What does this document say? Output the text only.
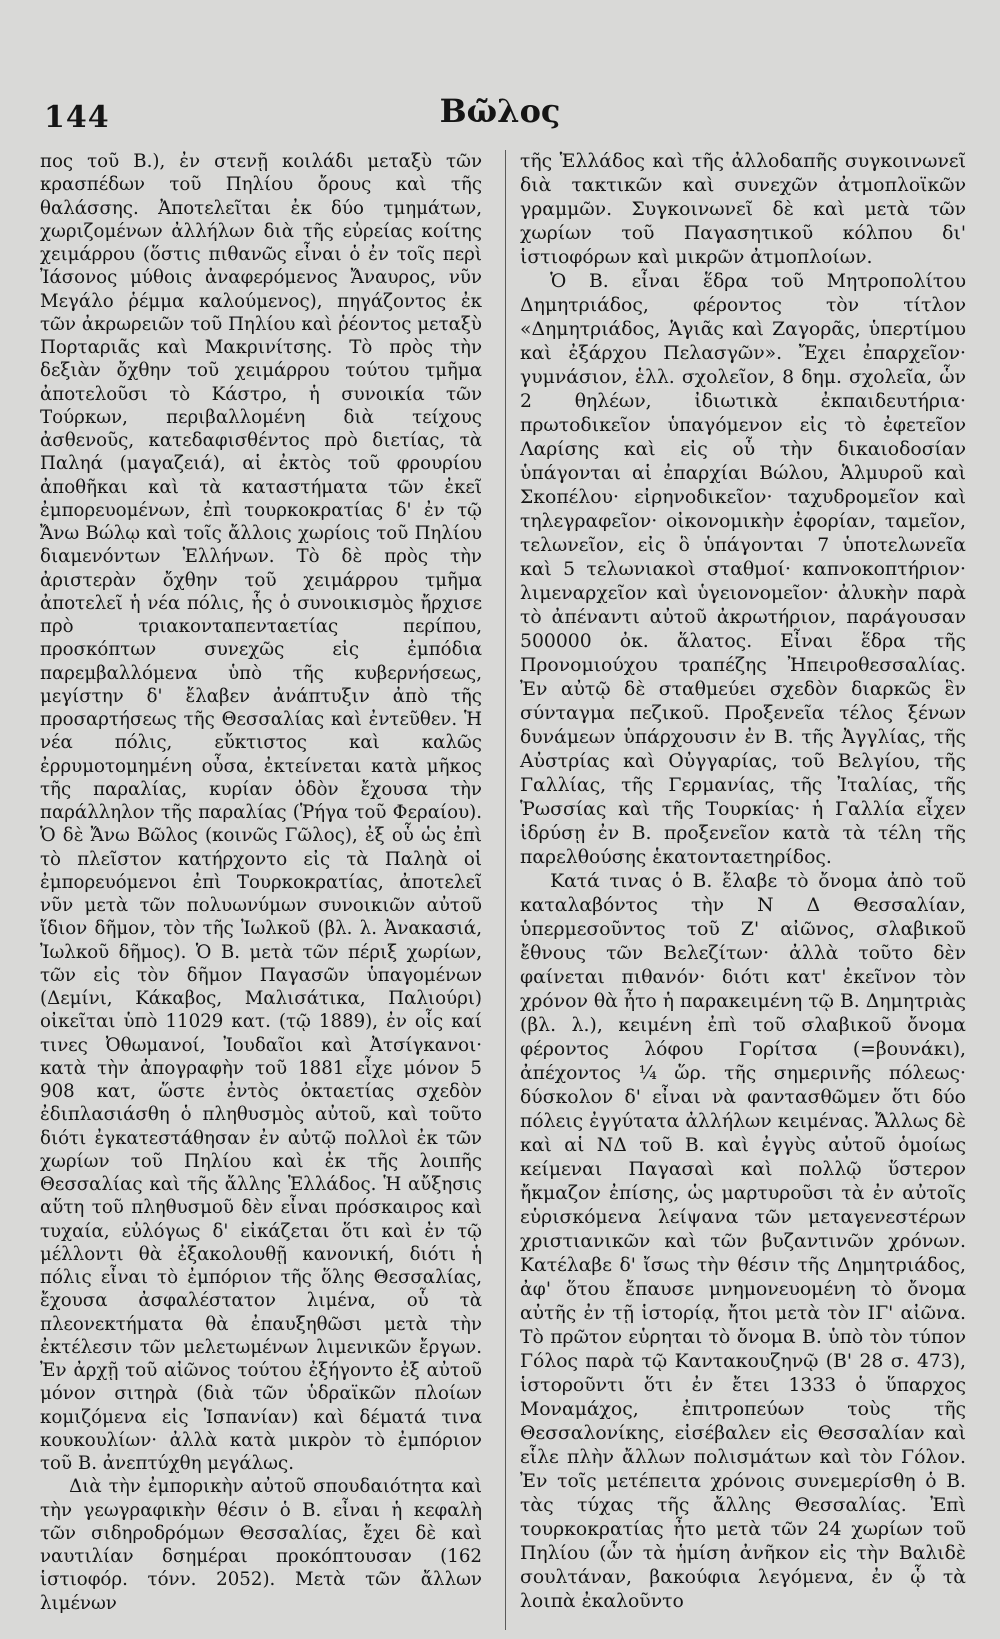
144	Βῶλος

πος τοῦ Β.), ἐν στενῇ κοιλάδι μεταξὺ τῶν κρασπέδων τοῦ Πηλίου ὄρους καὶ τῆς θαλάσσης. Ἀποτελεῖται ἐκ δύο τμημάτων, χωριζομένων ἀλλήλων διὰ τῆς εὐρείας κοίτης χειμάρρου (ὅστις πιθανῶς εἶναι ὁ ἐν τοῖς περὶ Ἰάσονος μύθοις ἀναφερόμενος Ἄναυρος, νῦν Μεγάλο ῥέμμα καλούμενος), πηγάζοντος ἐκ τῶν ἀκρωρειῶν τοῦ Πηλίου καὶ ῥέοντος μεταξὺ Πορταριᾶς καὶ Μακρινίτσης. Τὸ πρὸς τὴν δεξιὰν ὄχθην τοῦ χειμάρρου τούτου τμῆμα ἀποτελοῦσι τὸ Κάστρο, ἡ συνοικία τῶν Τούρκων, περιβαλλομένη διὰ τείχους ἀσθενοῦς, κατεδαφισθέντος πρὸ διετίας, τὰ Παληά (μαγαζειά), αἱ ἐκτὸς τοῦ φρουρίου ἀποθῆκαι καὶ τὰ καταστήματα τῶν ἐκεῖ ἐμπορευομένων, ἐπὶ τουρκοκρατίας δ' ἐν τῷ Ἄνω Βώλῳ καὶ τοῖς ἄλλοις χωρίοις τοῦ Πηλίου διαμενόντων Ἑλλήνων. Τὸ δὲ πρὸς τὴν ἀριστερὰν ὄχθην τοῦ χειμάρρου τμῆμα ἀποτελεῖ ἡ νέα πόλις, ἧς ὁ συνοικισμὸς ἤρχισε πρὸ τριακονταπενταετίας περίπου, προσκόπτων συνεχῶς εἰς ἐμπόδια παρεμβαλλόμενα ὑπὸ τῆς κυβερνήσεως, μεγίστην δ' ἔλαβεν ἀνάπτυξιν ἀπὸ τῆς προσαρτήσεως τῆς Θεσσαλίας καὶ ἐντεῦθεν. Ἡ νέα πόλις, εὔκτιστος καὶ καλῶς ἐρρυμοτομημένη οὖσα, ἐκτείνεται κατὰ μῆκος τῆς παραλίας, κυρίαν ὁδὸν ἔχουσα τὴν παράλληλον τῆς παραλίας (Ῥήγα τοῦ Φεραίου). Ὁ δὲ Ἄνω Βῶλος (κοινῶς Γῶλος), ἐξ οὗ ὡς ἐπὶ τὸ πλεῖστον κατήρχοντο εἰς τὰ Παληὰ οἱ ἐμπορευόμενοι ἐπὶ Τουρκοκρατίας, ἀποτελεῖ νῦν μετὰ τῶν πολυωνύμων συνοικιῶν αὐτοῦ ἴδιον δῆμον, τὸν τῆς Ἰωλκοῦ (βλ. λ. Ἀνακασιά, Ἰωλκοῦ δῆμος). Ὁ Β. μετὰ τῶν πέριξ χωρίων, τῶν εἰς τὸν δῆμον Παγασῶν ὑπαγομένων (Δεμίνι, Κάκαβος, Μαλισάτικα, Παλιούρι) οἰκεῖται ὑπὸ 11029 κατ. (τῷ 1889), ἐν οἷς καί τινες Ὀθωμανοί, Ἰουδαῖοι καὶ Ἀτσίγκανοι· κατὰ τὴν ἀπογραφὴν τοῦ 1881 εἶχε μόνον 5 908 κατ, ὥστε ἐντὸς ὀκταετίας σχεδὸν ἐδιπλασιάσθη ὁ πληθυσμὸς αὐτοῦ, καὶ τοῦτο διότι ἐγκατεστάθησαν ἐν αὐτῷ πολλοὶ ἐκ τῶν χωρίων τοῦ Πηλίου καὶ ἐκ τῆς λοιπῆς Θεσσαλίας καὶ τῆς ἄλλης Ἑλλάδος. Ἡ αὔξησις αὕτη τοῦ πληθυσμοῦ δὲν εἶναι πρόσκαιρος καὶ τυχαία, εὐλόγως δ' εἰκάζεται ὅτι καὶ ἐν τῷ μέλλοντι θὰ ἐξακολουθῇ κανονική, διότι ἡ πόλις εἶναι τὸ ἐμπόριον τῆς ὅλης Θεσσαλίας, ἔχουσα ἀσφαλέστατον λιμένα, οὗ τὰ πλεονεκτήματα θὰ ἐπαυξηθῶσι μετὰ τὴν ἐκτέλεσιν τῶν μελετωμένων λιμενικῶν ἔργων. Ἐν ἀρχῇ τοῦ αἰῶνος τούτου ἐξήγοντο ἐξ αὐτοῦ μόνον σιτηρὰ (διὰ τῶν ὑδραϊκῶν πλοίων κομιζόμενα εἰς Ἱσπανίαν) καὶ δέματά τινα κουκουλίων· ἀλλὰ κατὰ μικρὸν τὸ ἐμπόριον τοῦ Β. ἀνεπτύχθη μεγάλως.

Διὰ τὴν ἐμπορικὴν αὐτοῦ σπουδαιότητα καὶ τὴν γεωγραφικὴν θέσιν ὁ Β. εἶναι ἡ κεφαλὴ τῶν σιδηροδρόμων Θεσσαλίας, ἔχει δὲ καὶ ναυτιλίαν δσημέραι προκόπτουσαν (162 ἱστιοφόρ. τόνν. 2052). Μετὰ τῶν ἄλλων λιμένων

τῆς Ἑλλάδος καὶ τῆς ἀλλοδαπῆς συγκοινωνεῖ διὰ τακτικῶν καὶ συνεχῶν ἀτμοπλοϊκῶν γραμμῶν. Συγκοινωνεῖ δὲ καὶ μετὰ τῶν χωρίων τοῦ Παγασητικοῦ κόλπου δι' ἱστιοφόρων καὶ μικρῶν ἀτμοπλοίων.

Ὁ Β. εἶναι ἕδρα τοῦ Μητροπολίτου Δημητριάδος, φέροντος τὸν τίτλον «Δημητριάδος, Ἁγιᾶς καὶ Ζαγορᾶς, ὑπερτίμου καὶ ἐξάρχου Πελασγῶν». Ἔχει ἐπαρχεῖον· γυμνάσιον, ἑλλ. σχολεῖον, 8 δημ. σχολεῖα, ὧν 2 θηλέων, ἰδιωτικὰ ἐκπαιδευτήρια· πρωτοδικεῖον ὑπαγόμενον εἰς τὸ ἐφετεῖον Λαρίσης καὶ εἰς οὗ τὴν δικαιοδοσίαν ὑπάγονται αἱ ἐπαρχίαι Βώλου, Ἁλμυροῦ καὶ Σκοπέλου· εἰρηνοδικεῖον· ταχυδρομεῖον καὶ τηλεγραφεῖον· οἰκονομικὴν ἐφορίαν, ταμεῖον, τελωνεῖον, εἰς ὃ ὑπάγονται 7 ὑποτελωνεῖα καὶ 5 τελωνιακοὶ σταθμοί· καπνοκοπτήριον· λιμεναρχεῖον καὶ ὑγειονομεῖον· ἀλυκὴν παρὰ τὸ ἀπέναντι αὐτοῦ ἀκρωτήριον, παράγουσαν 500000 ὀκ. ἅλατος. Εἶναι ἕδρα τῆς Προνομιούχου τραπέζης Ἠπειροθεσσαλίας. Ἐν αὐτῷ δὲ σταθμεύει σχεδὸν διαρκῶς ἓν σύνταγμα πεζικοῦ. Προξενεῖα τέλος ξένων δυνάμεων ὑπάρχουσιν ἐν Β. τῆς Ἀγγλίας, τῆς Αὐστρίας καὶ Οὐγγαρίας, τοῦ Βελγίου, τῆς Γαλλίας, τῆς Γερμανίας, τῆς Ἰταλίας, τῆς Ῥωσσίας καὶ τῆς Τουρκίας· ἡ Γαλλία εἶχεν ἱδρύσῃ ἐν Β. προξενεῖον κατὰ τὰ τέλη τῆς παρελθούσης ἑκατονταετηρίδος.

Κατά τινας ὁ Β. ἔλαβε τὸ ὄνομα ἀπὸ τοῦ καταλαβόντος τὴν Ν Δ Θεσσαλίαν, ὑπερμεσοῦντος τοῦ Ζ' αἰῶνος, σλαβικοῦ ἔθνους τῶν Βελεζίτων· ἀλλὰ τοῦτο δὲν φαίνεται πιθανόν· διότι κατ' ἐκεῖνον τὸν χρόνον θὰ ἦτο ἡ παρακειμένη τῷ Β. Δημητριὰς (βλ. λ.), κειμένη ἐπὶ τοῦ σλαβικοῦ ὄνομα φέροντος λόφου Γορίτσα (=βουνάκι), ἀπέχοντος ¼ ὥρ. τῆς σημερινῆς πόλεως· δύσκολον δ' εἶναι νὰ φαντασθῶμεν ὅτι δύο πόλεις ἐγγύτατα ἀλλήλων κειμένας. Ἄλλως δὲ καὶ αἱ ΝΔ τοῦ Β. καὶ ἐγγὺς αὐτοῦ ὁμοίως κείμεναι Παγασαὶ καὶ πολλῷ ὕστερον ἤκμαζον ἐπίσης, ὡς μαρτυροῦσι τὰ ἐν αὐτοῖς εὑρισκόμενα λείψανα τῶν μεταγενεστέρων χριστιανικῶν καὶ τῶν βυζαντινῶν χρόνων. Κατέλαβε δ' ἴσως τὴν θέσιν τῆς Δημητριάδος, ἀφ' ὅτου ἔπαυσε μνημονευομένη τὸ ὄνομα αὐτῆς ἐν τῇ ἱστορίᾳ, ἤτοι μετὰ τὸν ΙΓ' αἰῶνα. Τὸ πρῶτον εὑρηται τὸ ὄνομα Β. ὑπὸ τὸν τύπον Γόλος παρὰ τῷ Καντακουζηνῷ (Β' 28 σ. 473), ἱστοροῦντι ὅτι ἐν ἔτει 1333 ὁ ὕπαρχος Μοναμάχος, ἐπιτροπεύων τοὺς τῆς Θεσσαλονίκης, εἰσέβαλεν εἰς Θεσσαλίαν καὶ εἷλε πλὴν ἄλλων πολισμάτων καὶ τὸν Γόλον. Ἐν τοῖς μετέπειτα χρόνοις συνεμερίσθη ὁ Β. τὰς τύχας τῆς ἄλλης Θεσσαλίας. Ἐπὶ τουρκοκρατίας ἦτο μετὰ τῶν 24 χωρίων τοῦ Πηλίου (ὧν τὰ ἡμίση ἀνῆκον εἰς τὴν Βαλιδὲ σουλτάναν, βακούφια λεγόμενα, ἐν ᾧ τὰ λοιπὰ ἐκαλοῦντο
